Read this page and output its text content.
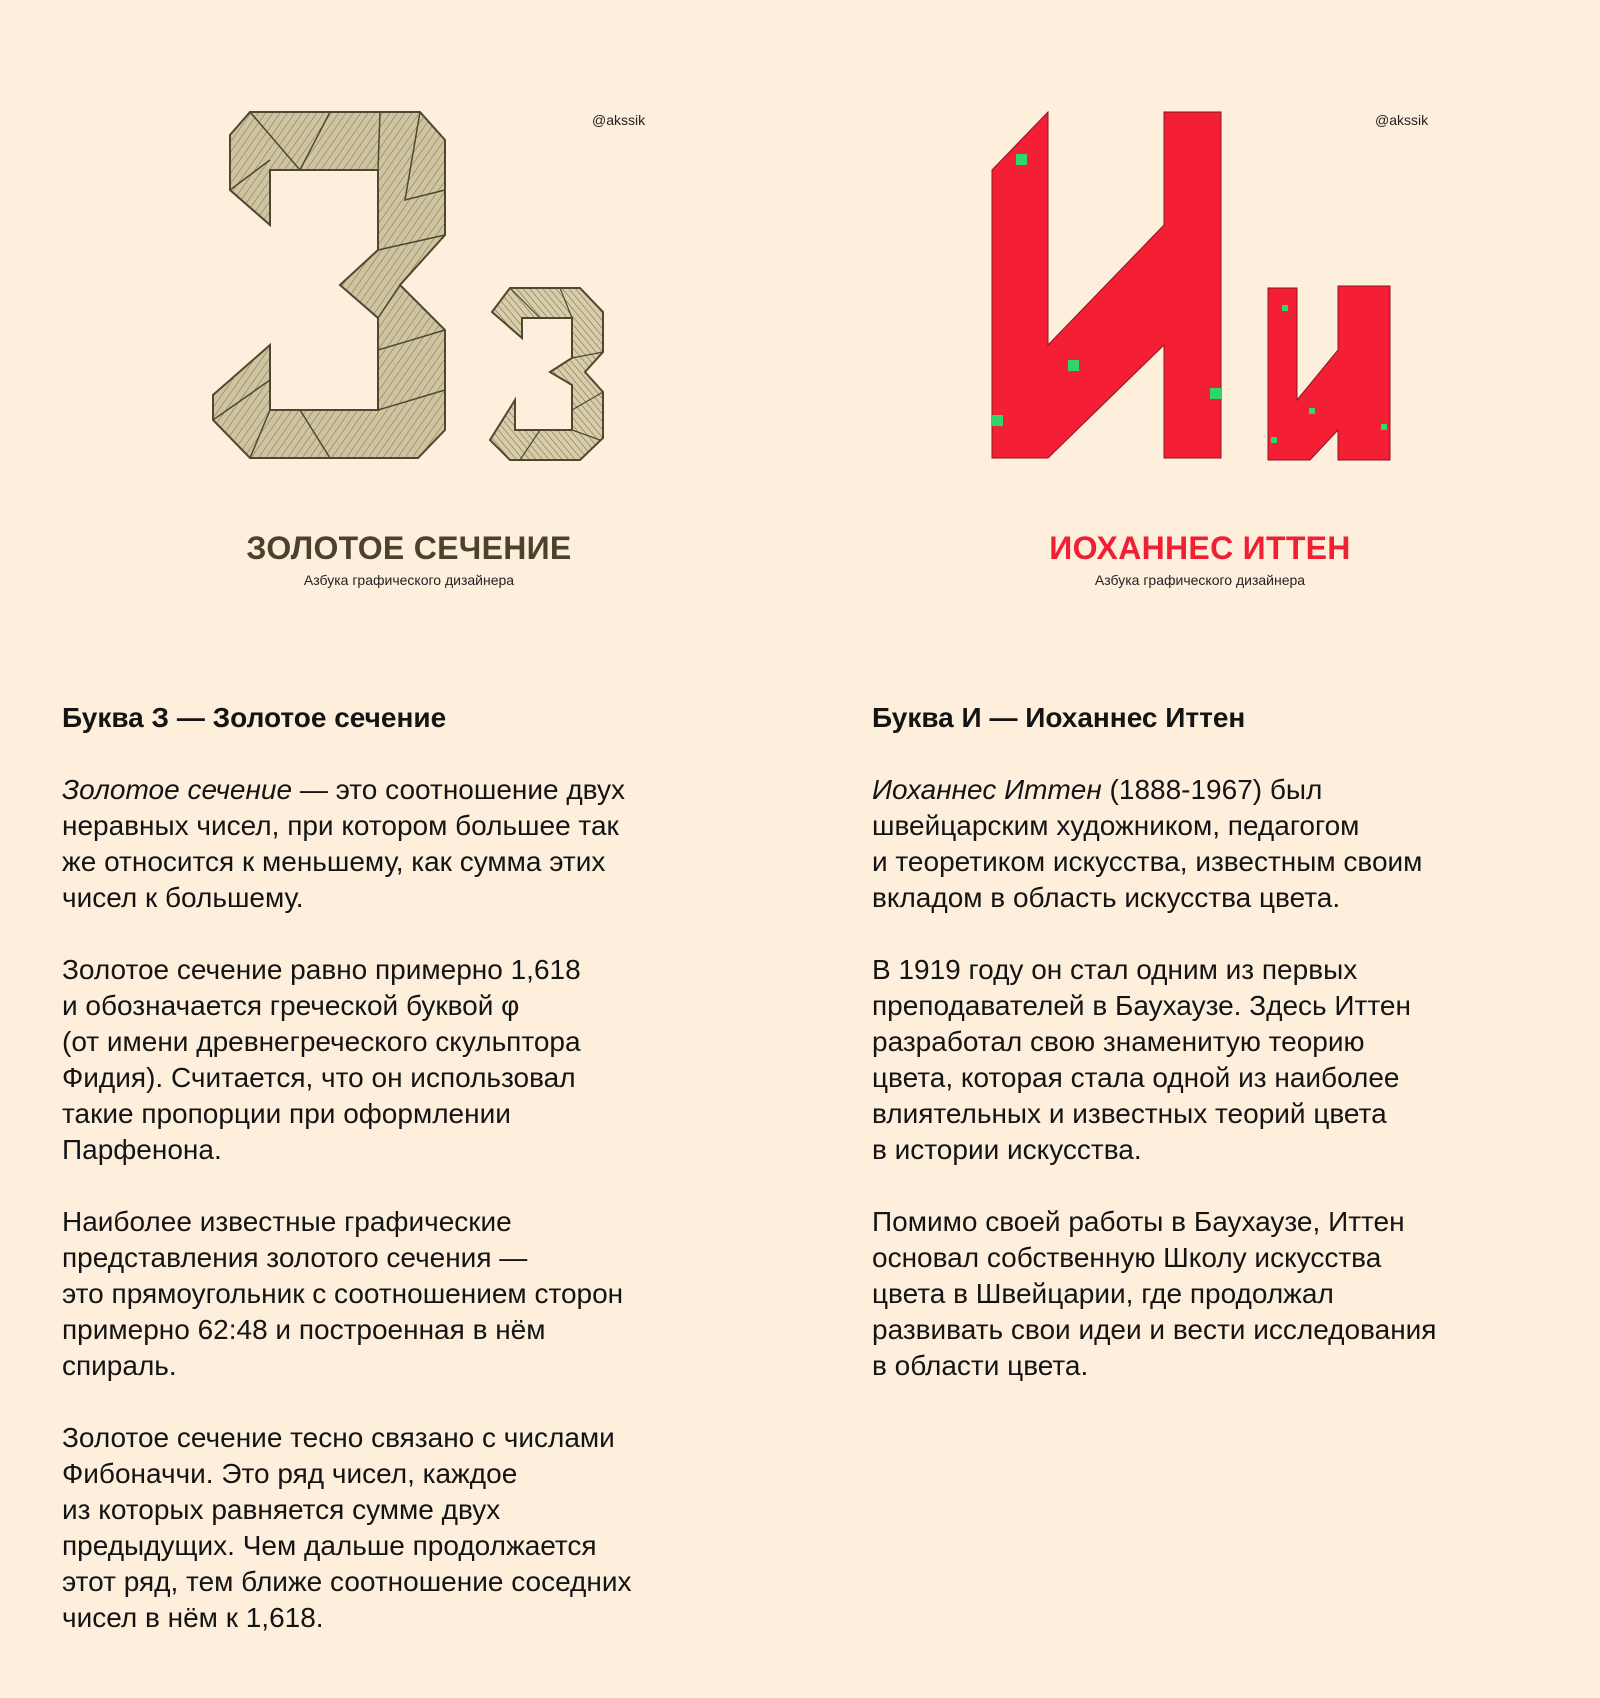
@akssik
ЗОЛОТОЕ СЕЧЕНИЕ
Азбука графического дизайнера
@akssik
ИОХАННЕС ИТТЕН
Азбука графического дизайнера
Буква З — Золотое сечение

Золотое сечение — это соотношение двух
неравных чисел, при котором большее так
же относится к меньшему, как сумма этих
чисел к большему.

Золотое сечение равно примерно 1,618
и обозначается греческой буквой φ
(от имени древнегреческого скульптора
Фидия). Считается, что он использовал
такие пропорции при оформлении
Парфенона.

Наиболее известные графические
представления золотого сечения —
это прямоугольник с соотношением сторон
примерно 62:48 и построенная в нём
спираль.

Золотое сечение тесно связано с числами
Фибоначчи. Это ряд чисел, каждое
из которых равняется сумме двух
предыдущих. Чем дальше продолжается
этот ряд, тем ближе соотношение соседних
чисел в нём к 1,618.

Буква И — Иоханнес Иттен

Иоханнес Иттен (1888-1967) был
швейцарским художником, педагогом
и теоретиком искусства, известным своим
вкладом в область искусства цвета.

В 1919 году он стал одним из первых
преподавателей в Баухаузе. Здесь Иттен
разработал свою знаменитую теорию
цвета, которая стала одной из наиболее
влиятельных и известных теорий цвета
в истории искусства.

Помимо своей работы в Баухаузе, Иттен
основал собственную Школу искусства
цвета в Швейцарии, где продолжал
развивать свои идеи и вести исследования
в области цвета.
